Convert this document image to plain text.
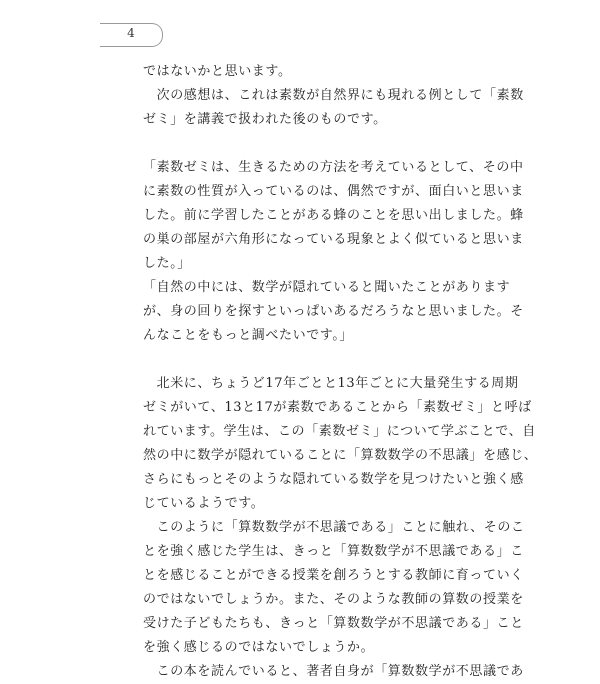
4

ではないかと思います。

　次の感想は、これは素数が自然界にも現れる例として「素数

ゼミ」を講義で扱われた後のものです。

「素数ゼミは、生きるための方法を考えているとして、その中

に素数の性質が入っているのは、偶然ですが、面白いと思いま

した。前に学習したことがある蜂のことを思い出しました。蜂

の巣の部屋が六角形になっている現象とよく似ていると思いま

した。」

「自然の中には、数学が隠れていると聞いたことがあります

が、身の回りを探すといっぱいあるだろうなと思いました。そ

んなことをもっと調べたいです。」

　北米に、ちょうど17年ごとと13年ごとに大量発生する周期

ゼミがいて、13と17が素数であることから「素数ゼミ」と呼ば

れています。学生は、この「素数ゼミ」について学ぶことで、自

然の中に数学が隠れていることに「算数数学の不思議」を感じ、

さらにもっとそのような隠れている数学を見つけたいと強く感

じているようです。

　このように「算数数学が不思議である」ことに触れ、そのこ

とを強く感じた学生は、きっと「算数数学が不思議である」こ

とを感じることができる授業を創ろうとする教師に育っていく

のではないでしょうか。また、そのような教師の算数の授業を

受けた子どもたちも、きっと「算数数学が不思議である」こと

を強く感じるのではないでしょうか。

　この本を読んでいると、著者自身が「算数数学が不思議であ
